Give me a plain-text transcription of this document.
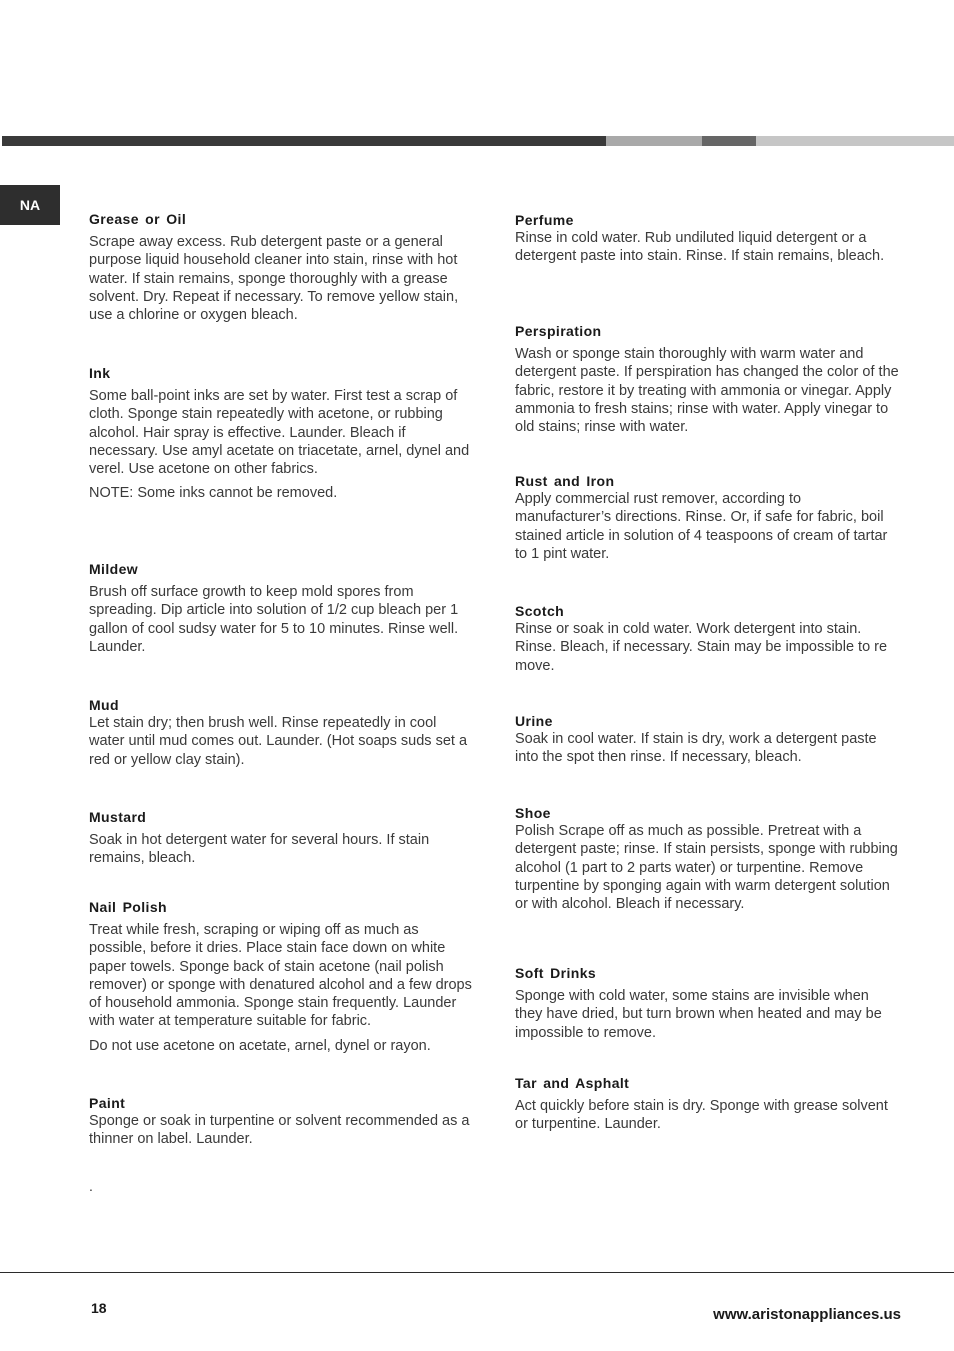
NA
Grease or Oil

Scrape away excess. Rub detergent paste or a general purpose liquid household cleaner into stain, rinse with hot water. If stain remains, sponge thoroughly with a grease solvent. Dry. Repeat if necessary. To remove yellow stain, use a chlorine or oxygen bleach.

Ink

Some ball-point inks are set by water. First test a scrap of cloth. Sponge stain repeatedly with acetone, or rubbing alcohol. Hair spray is effective. Launder. Bleach if necessary. Use amyl acetate on triacetate, arnel, dynel and verel. Use acetone on other fabrics.

NOTE: Some inks cannot be removed.

Mildew

Brush off surface growth to keep mold spores from spreading. Dip article into solution of 1/2 cup bleach per 1 gallon of cool sudsy water for 5 to 10 minutes. Rinse well. Launder.

Mud

Let stain dry; then brush well. Rinse repeatedly in cool water until mud comes out. Launder. (Hot soaps suds set a red or yellow clay stain).

Mustard

Soak in hot detergent water for several hours. If stain remains, bleach.

Nail Polish

Treat while fresh, scraping or wiping off as much as possible, before it dries. Place stain face down on white paper towels. Sponge back of stain acetone (nail polish remover) or sponge with denatured alcohol and a few drops of household ammonia. Sponge stain frequently. Launder with water at temperature suitable for fabric.

Do not use acetone on acetate, arnel, dynel or rayon.

Paint

Sponge or soak in turpentine or solvent recommended as a thinner on label. Launder.

Perfume

Rinse in cold water. Rub undiluted liquid detergent or a detergent paste into stain. Rinse. If stain remains, bleach.

Perspiration

Wash or sponge stain thoroughly with warm water and detergent paste. If perspiration has changed the color of the fabric, restore it by treating with ammonia or vinegar. Apply ammonia to fresh stains; rinse with water. Apply vinegar to old stains; rinse with water.

Rust and Iron

Apply commercial rust remover, according to manufacturer’s directions. Rinse. Or, if safe for fabric, boil stained article in solution of 4 teaspoons of cream of tartar to 1 pint water.

Scotch

Rinse or soak in cold water. Work detergent into stain. Rinse. Bleach, if necessary. Stain may be impossible to re move.

Urine

Soak in cool water. If stain is dry, work a detergent paste into the spot then rinse. If necessary, bleach.

Shoe

Polish Scrape off as much as possible. Pretreat with a detergent paste; rinse. If stain persists, sponge with rubbing alcohol (1 part to 2 parts water) or turpentine. Remove turpentine by sponging again with warm detergent solution or with alcohol. Bleach if necessary.

Soft Drinks

Sponge with cold water, some stains are invisible when they have dried, but turn brown when heated and may be impossible to remove.

Tar and Asphalt

Act quickly before stain is dry. Sponge with grease solvent or turpentine. Launder.

.
18	www.aristonappliances.us
